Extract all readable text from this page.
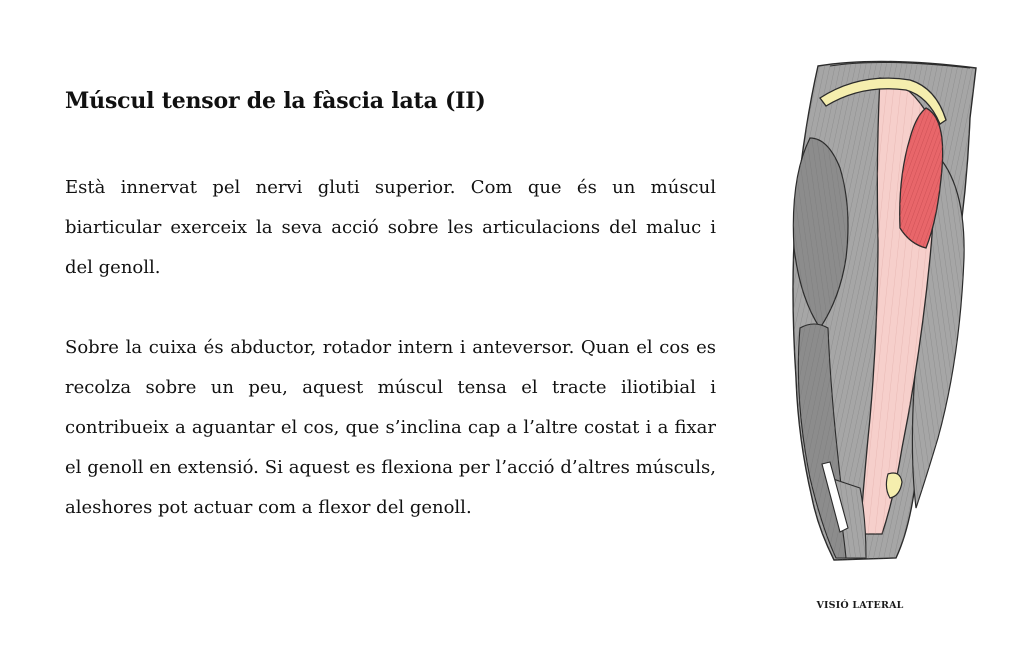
Múscul tensor de la fàscia lata (II)

Està innervat pel nervi gluti superior. Com que és un múscul biarticular exerceix la seva acció sobre les articulacions del maluc i del genoll.

Sobre la cuixa és abductor, rotador intern i anteversor. Quan el cos es recolza sobre un peu, aquest múscul tensa el tracte iliotibial i contribueix a aguantar el cos, que s’inclina cap a l’altre costat i a fixar el genoll en extensió. Si aquest es flexiona per l’acció d’altres músculs, aleshores pot actuar com a flexor del genoll.

VISIÓ LATERAL
